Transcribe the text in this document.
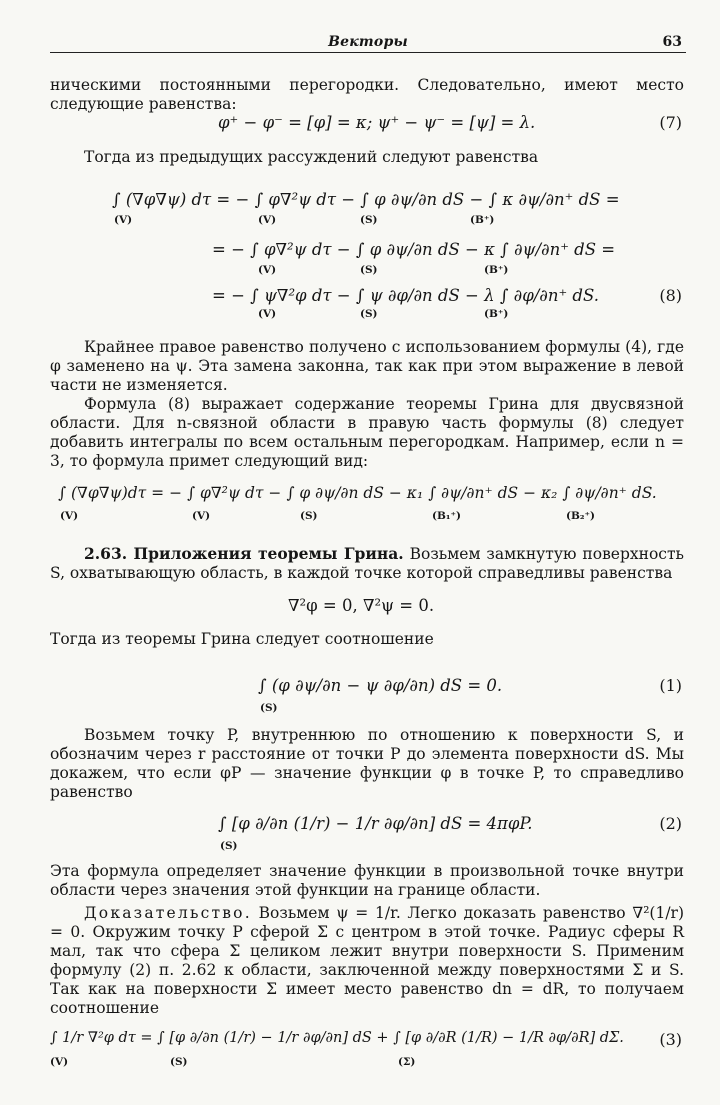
Векторы	63
ническими постоянными перегородки. Следовательно, имеют место следующие равенства:
φ⁺ − φ⁻ = [φ] = κ; ψ⁺ − ψ⁻ = [ψ] = λ.	(7)
Тогда из предыдущих рассуждений следуют равенства
∫ (∇φ∇ψ) dτ = − ∫ φ∇²ψ dτ − ∫ φ ∂ψ/∂n dS − ∫ κ ∂ψ/∂n⁺ dS =
= − ∫ φ∇²ψ dτ − ∫ φ ∂ψ/∂n dS − κ ∫ ∂ψ/∂n⁺ dS =
= − ∫ ψ∇²φ dτ − ∫ ψ ∂φ/∂n dS − λ ∫ ∂φ/∂n⁺ dS.	(8)
(V)	(V)	(S)	(B⁺)
(V)	(S)	(B⁺)
(V)	(S)	(B⁺)
Крайнее правое равенство получено с использованием формулы (4), где φ заменено на ψ. Эта замена законна, так как при этом выражение в левой части не изменяется.
Формула (8) выражает содержание теоремы Грина для двусвязной области. Для n-связной области в правую часть формулы (8) следует добавить интегралы по всем остальным перегородкам. Например, если n = 3, то формула примет следующий вид:
∫ (∇φ∇ψ)dτ = − ∫ φ∇²ψ dτ − ∫ φ ∂ψ/∂n dS − κ₁ ∫ ∂ψ/∂n⁺ dS − κ₂ ∫ ∂ψ/∂n⁺ dS.
(V)	(V)	(S)	(B₁⁺)	(B₂⁺)
2.63. Приложения теоремы Грина. Возьмем замкнутую поверхность S, охватывающую область, в каждой точке которой справедливы равенства
∇²φ = 0, ∇²ψ = 0.
Тогда из теоремы Грина следует соотношение
∫ (φ ∂ψ/∂n − ψ ∂φ/∂n) dS = 0.	(1)
(S)
Возьмем точку P, внутреннюю по отношению к поверхности S, и обозначим через r расстояние от точки P до элемента поверхности dS. Мы докажем, что если φP — значение функции φ в точке P, то справедливо равенство
∫ [φ ∂/∂n (1/r) − 1/r ∂φ/∂n] dS = 4πφP.	(2)
(S)
Эта формула определяет значение функции в произвольной точке внутри области через значения этой функции на границе области.
Доказательство. Возьмем ψ = 1/r. Легко доказать равенство ∇²(1/r) = 0. Окружим точку P сферой Σ с центром в этой точке. Радиус сферы R мал, так что сфера Σ целиком лежит внутри поверхности S. Применим формулу (2) п. 2.62 к области, заключенной между поверхностями Σ и S. Так как на поверхности Σ имеет место равенство dn = dR, то получаем соотношение
∫ 1/r ∇²φ dτ = ∫ [φ ∂/∂n (1/r) − 1/r ∂φ/∂n] dS + ∫ [φ ∂/∂R (1/R) − 1/R ∂φ/∂R] dΣ. (3)
(V)	(S)	(Σ)
